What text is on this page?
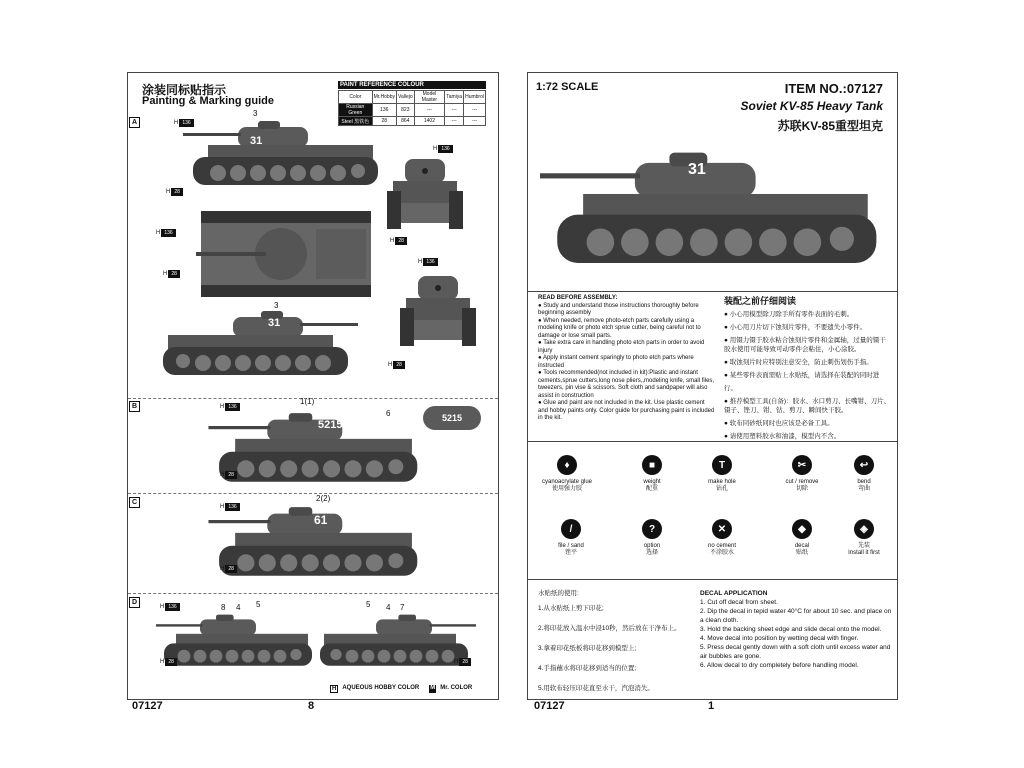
涂装同标贴指示
Painting & Marking guide
PAINT REFERENCE COLOUR
Color	Mr.Hobby	Vallejo	Model Master	Tamiya	Humbrol
Russian Green	136	823	---	---	---
Steel 黑铁色	28	864	1402	---	---
A	H 136
3
31
H 28
H 136
H 28
H 136
H 28
H 136
H 28
3
31
B	H 136
1(1)
6
5215
5215
H 28
C
H 136
2(2)
61
H 28
D
H 136	8 4 5	5 4 7
H 28	H 28
H	AQUEOUS HOBBY COLOR M Mr. COLOR
07127	8
1:72 SCALE	ITEM NO.:07127
Soviet KV-85 Heavy Tank
苏联KV-85重型坦克
31
READ BEFORE ASSEMBLY:
● Study and understand those instructions thoroughly before beginning assembly
● When needed, remove photo-etch parts carefully using a modeling knife or photo etch sprue cutter, being careful not to damage or lose small parts.
● Take extra care in handling photo etch parts in order to avoid injury
● Apply instant cement sparingly to photo etch parts where instructed
● Tools recommended(not included in kit):Plastic and instant cements,sprue cutters,long nose pliers,,modeling knife, small files, tweezers, pin vise & scissors. Soft cloth and sandpaper will also assist in construction
● Glue and paint are not included in the kit. Use plastic cement and hobby paints only. Color guide for purchasing paint is included in the kit.
装配之前仔细阅读
● 小心用模型除刀除手所有零件表面的毛刺。
● 小心用刀片切下蚀刻片零件，不要遗失小零件。
● 用镊力镊于胶水粘合蚀刻片零件和金属轴，过量的镊干胶水使用可能导致可动零件会粘住，小心涂胶。
● 取蚀刻片时应特别注意安全，防止刺伤划伤手指。
● 某些零件表面需贴上水贴纸，请选择在装配的同时进行。
● 推荐模型工具(自备)：胶水、水口剪刀、长嘴钳、刀片、镊子、锉刀、钳、钻、剪刀、瞬间快干胶。
● 软布同砂纸同时也应该是必备工具。
● 请使用塑料胶水和油漆，模型内不含。
♦
cyanoacrylate glue
使用强力胶
■
weight
配重
T
make hole
钻孔
✂
cut / remove
切除
↩
bend
弯曲
/
file / sand
锉平
?
option
选择
✕
no cement
不涂胶水
◆
decal
贴纸
◈
先装
Install it first
水贴纸的使用:
1.从水贴纸上剪下印花;
2.将印花放入温水中浸10秒，然后放在干净布上。
3.拿着印花纸板将印花移到模型上;
4.手指蘸水将印花移到适当的位置;
5.用软布轻压印花直至水干，汽泡消失。
DECAL APPLICATION
1. Cut off decal from sheet.
2. Dip the decal in tepid water 40°C for about 10 sec. and place on a clean cloth.
3. Hold the backing sheet edge and slide decal onto the model.
4. Move decal into position by wetting decal with finger.
5. Press decal gently down with a soft cloth until excess water and air bubbles are gone.
6. Allow decal to dry completely before handling model.
07127	1
